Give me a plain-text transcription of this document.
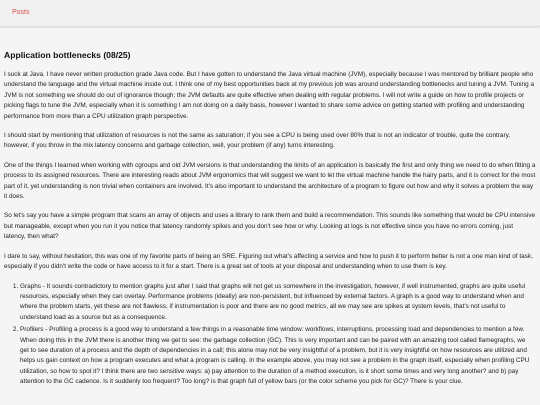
Posts
Application bottlenecks (08/25)

I suck at Java. I have never written production grade Java code. But I have gotten to understand the Java virtual machine (JVM), especially because I was mentored by brilliant people who understand the language and the virtual machine inside out. I think one of my best opportunities back at my previous job was around understanding bottlenecks and tuning a JVM. Tuning a JVM is not something we should do out of ignorance though; the JVM defaults are quite effective when dealing with regular problems. I will not write a guide on how to profile projects or picking flags to tune the JVM, especially when it is something I am not doing on a daily basis, however I wanted to share some advice on getting started with profiling and understanding performance from more than a CPU utilization graph perspective.

I should start by mentioning that utilization of resources is not the same as saturation; if you see a CPU is being used over 80% that is not an indicator of trouble, quite the contrary, however, if you throw in the mix latency concerns and garbage collection, well, your problem (if any) turns interesting.

One of the things I learned when working with cgroups and old JVM versions is that understanding the limits of an application is basically the first and only thing we need to do when fitting a process to its assigned resources. There are interesting reads about JVM ergonomics that will suggest we want to let the virtual machine handle the hairy parts, and it is correct for the most part of it, yet understanding is non trivial when containers are involved. It's also important to understand the architecture of a program to figure out how and why it solves a problem the way it does.

So let's say you have a simple program that scans an array of objects and uses a library to rank them and build a recommendation. This sounds like something that would be CPU intensive but manageable, except when you run it you notice that latency randomly spikes and you don't see how or why. Looking at logs is not effective since you have no errors coming, just latency, then what?

I dare to say, without hesitation, this was one of my favorite parts of being an SRE. Figuring out what's affecting a service and how to push it to perform better is not a one man kind of task, especially if you didn't write the code or have access to it for a start. There is a great set of tools at your disposal and understanding when to use them is key.

1. Graphs - It sounds contradictory to mention graphs just after I said that graphs will not get us somewhere in the investigation, however, if well instrumented, graphs are quite useful resources, especially when they can overlay. Performance problems (ideally) are non-persistent, but influenced by external factors. A graph is a good way to understand when and where the problem starts, yet these are not flawless, if instrumentation is poor and there are no good metrics, all we may see are spikes at system levels, that's not useful to understand load as a source but as a consequence.
2. Profilers - Profiling a process is a good way to understand a few things in a reasonable time window: workflows, interruptions, processing load and dependencies to mention a few. When doing this in the JVM there is another thing we get to see: the garbage collection (GC). This is very important and can be paired with an amazing tool called flamegraphs, we get to see duration of a process and the depth of dependencies in a call; this alone may not be very insightful of a problem, but it is very insightful on how resources are utilized and helps us gain context on how a program executes and what a program is calling. In the example above, you may not see a problem in the graph itself, especially when profiling CPU utilization, so how to spot it? I think there are two sensitive ways: a) pay attention to the duration of a method execution, is it short some times and very long another? and b) pay attention to the GC cadence. Is it suddenly too frequent? Too long? is that graph full of yellow bars (or the color scheme you pick for GC)? There is your clue.
